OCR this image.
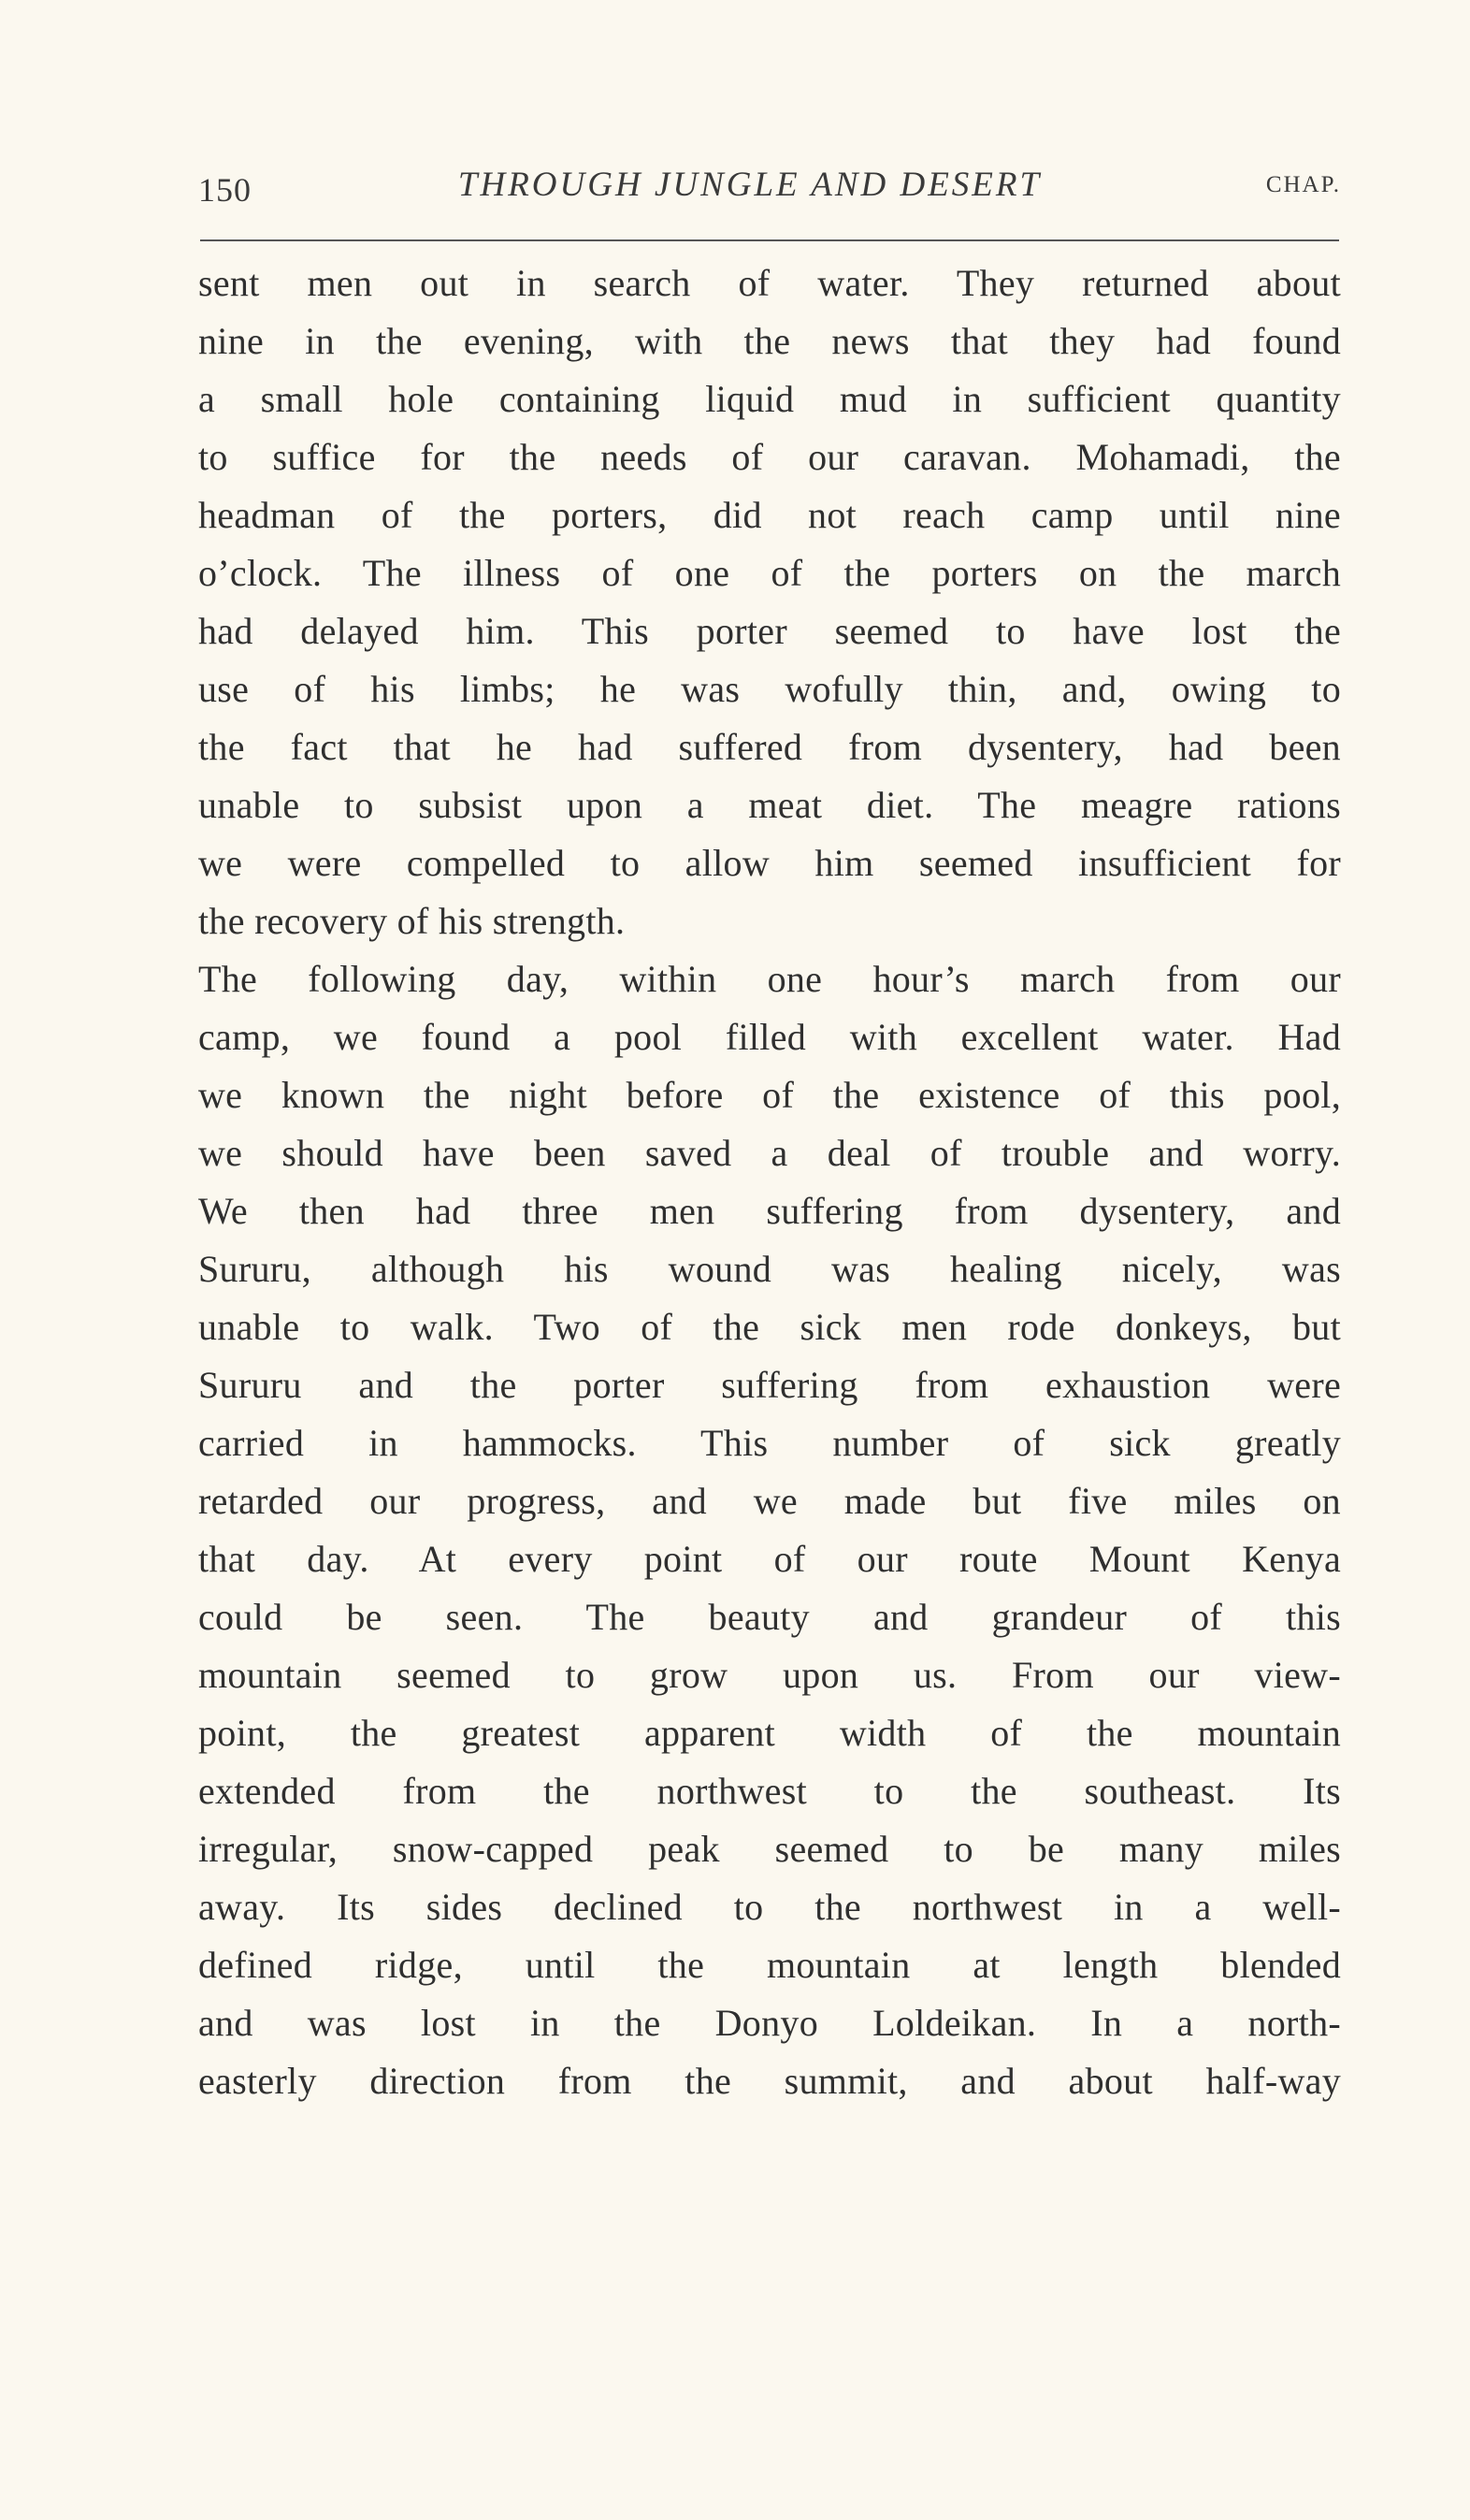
150	THROUGH JUNGLE AND DESERT	CHAP.
sent men out in search of water. They returned about
nine in the evening, with the news that they had found
a small hole containing liquid mud in sufficient quantity
to suffice for the needs of our caravan. Mohamadi, the
headman of the porters, did not reach camp until nine
o’clock. The illness of one of the porters on the march
had delayed him. This porter seemed to have lost the
use of his limbs; he was wofully thin, and, owing to
the fact that he had suffered from dysentery, had been
unable to subsist upon a meat diet. The meagre rations
we were compelled to allow him seemed insufficient for
the recovery of his strength.
The following day, within one hour’s march from our
camp, we found a pool filled with excellent water. Had
we known the night before of the existence of this pool,
we should have been saved a deal of trouble and worry.
We then had three men suffering from dysentery, and
Sururu, although his wound was healing nicely, was
unable to walk. Two of the sick men rode donkeys, but
Sururu and the porter suffering from exhaustion were
carried in hammocks. This number of sick greatly
retarded our progress, and we made but five miles on
that day. At every point of our route Mount Kenya
could be seen. The beauty and grandeur of this
mountain seemed to grow upon us. From our view-
point, the greatest apparent width of the mountain
extended from the northwest to the southeast. Its
irregular, snow-capped peak seemed to be many miles
away. Its sides declined to the northwest in a well-
defined ridge, until the mountain at length blended
and was lost in the Donyo Loldeikan. In a north-
easterly direction from the summit, and about half-way
